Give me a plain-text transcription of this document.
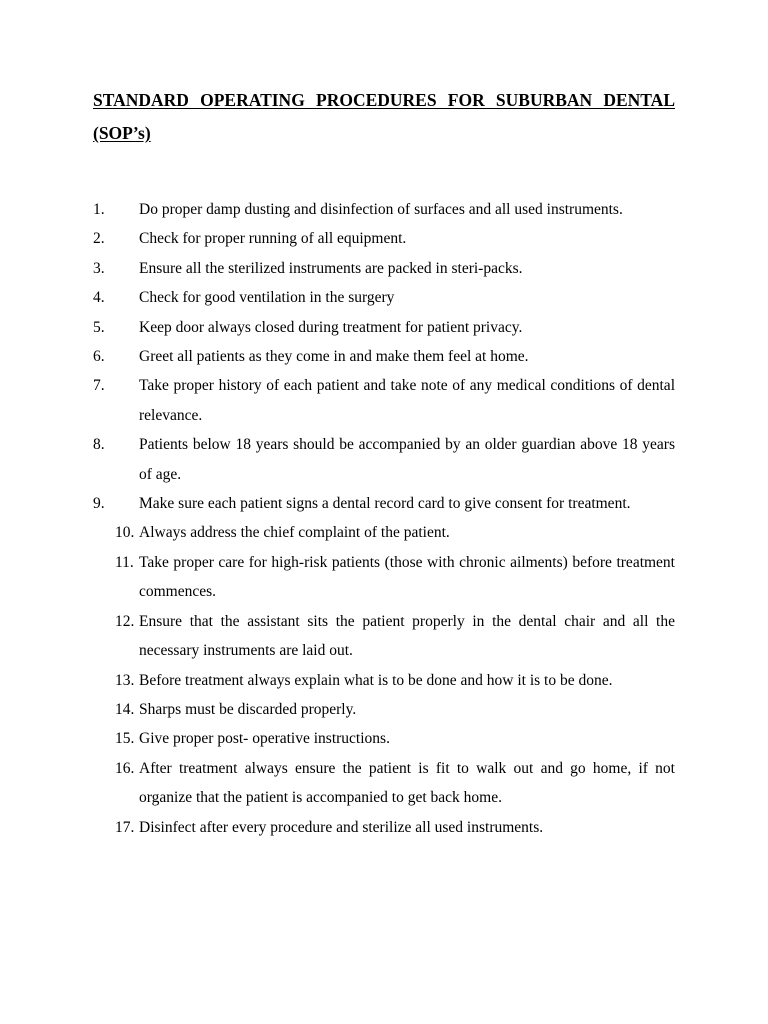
STANDARD OPERATING PROCEDURES FOR SUBURBAN DENTAL (SOP’s)
1.	Do proper damp dusting and disinfection of surfaces and all used instruments.
2.	Check for proper running of all equipment.
3.	Ensure all the sterilized instruments are packed in steri-packs.
4.	Check for good ventilation in the surgery
5.	Keep door always closed during treatment for patient privacy.
6.	Greet all patients as they come in and make them feel at home.
7.	Take proper history of each patient and take note of any medical conditions of dental relevance.
8.	Patients below 18 years should be accompanied by an older guardian above 18 years of age.
9.	Make sure each patient signs a dental record card to give consent for treatment.
10. Always address the chief complaint of the patient.
11. Take proper care for high-risk patients (those with chronic ailments) before treatment commences.
12. Ensure that the assistant sits the patient properly in the dental chair and all the necessary instruments are laid out.
13. Before treatment always explain what is to be done and how it is to be done.
14. Sharps must be discarded properly.
15. Give proper post- operative instructions.
16. After treatment always ensure the patient is fit to walk out and go home, if not organize that the patient is accompanied to get back home.
17. Disinfect after every procedure and sterilize all used instruments.
